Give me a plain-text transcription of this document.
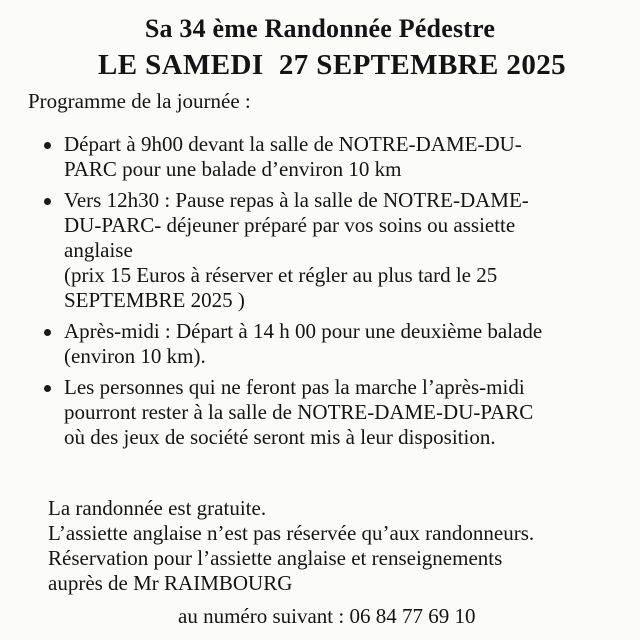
Sa 34 ème Randonnée Pédestre
LE SAMEDI  27 SEPTEMBRE 2025
Programme de la journée :
Départ à 9h00 devant la salle de NOTRE-DAME-DU-
PARC pour une balade d’environ 10 km
Vers 12h30 : Pause repas à la salle de NOTRE-DAME-
DU-PARC- déjeuner préparé par vos soins ou assiette
anglaise
(prix 15 Euros à réserver et régler au plus tard le 25
SEPTEMBRE 2025 )
Après-midi : Départ à 14 h 00 pour une deuxième balade
(environ 10 km).
Les personnes qui ne feront pas la marche l’après-midi
pourront rester à la salle de NOTRE-DAME-DU-PARC
où des jeux de société seront mis à leur disposition.
La randonnée est gratuite.
L’assiette anglaise n’est pas réservée qu’aux randonneurs.
Réservation pour l’assiette anglaise et renseignements
auprès de Mr RAIMBOURG
au numéro suivant : 06 84 77 69 10
